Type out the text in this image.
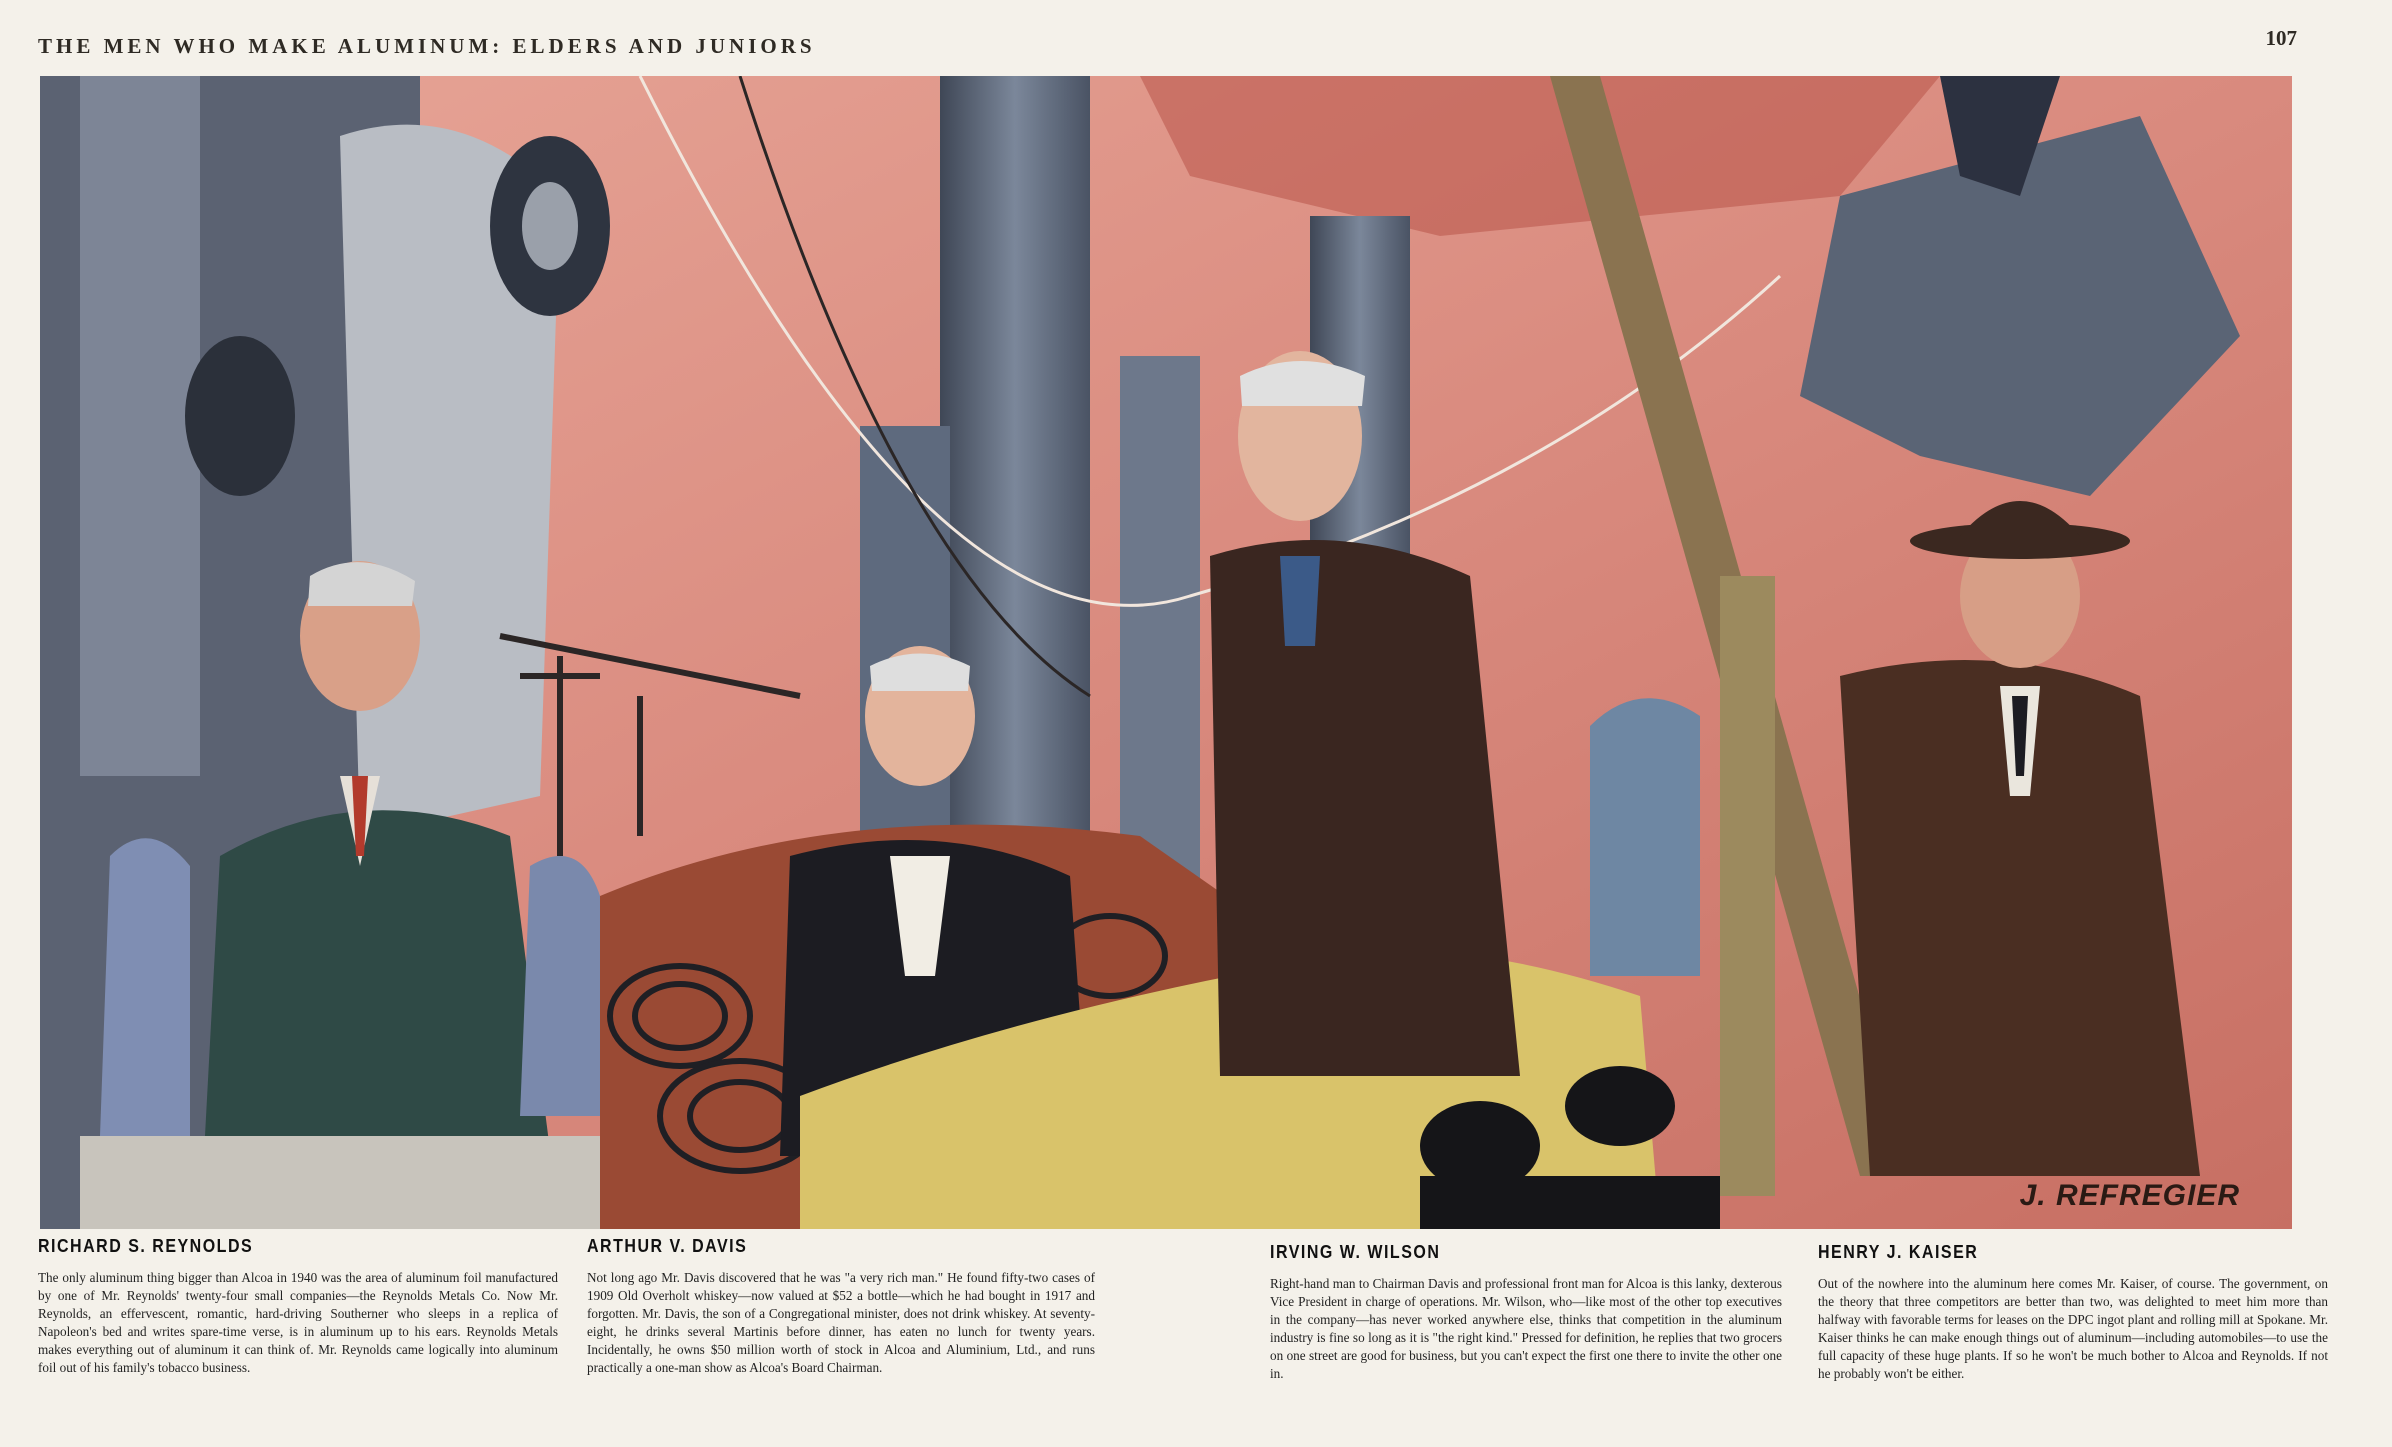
THE MEN WHO MAKE ALUMINUM: ELDERS AND JUNIORS	107
J. REFREGIER

RICHARD S. REYNOLDS

The only aluminum thing bigger than Alcoa in 1940 was the area of aluminum foil manufactured by one of Mr. Reynolds' twenty-four small companies—the Reynolds Metals Co. Now Mr. Reynolds, an effervescent, romantic, hard-driving Southerner who sleeps in a replica of Napoleon's bed and writes spare-time verse, is in aluminum up to his ears. Reynolds Metals makes everything out of aluminum it can think of. Mr. Reynolds came logically into aluminum foil out of his family's tobacco business.

ARTHUR V. DAVIS

Not long ago Mr. Davis discovered that he was "a very rich man." He found fifty-two cases of 1909 Old Overholt whiskey—now valued at $52 a bottle—which he had bought in 1917 and forgotten. Mr. Davis, the son of a Congregational minister, does not drink whiskey. At seventy-eight, he drinks several Martinis before dinner, has eaten no lunch for twenty years. Incidentally, he owns $50 million worth of stock in Alcoa and Aluminium, Ltd., and runs practically a one-man show as Alcoa's Board Chairman.

IRVING W. WILSON

Right-hand man to Chairman Davis and professional front man for Alcoa is this lanky, dexterous Vice President in charge of operations. Mr. Wilson, who—like most of the other top executives in the company—has never worked anywhere else, thinks that competition in the aluminum industry is fine so long as it is "the right kind." Pressed for definition, he replies that two grocers on one street are good for business, but you can't expect the first one there to invite the other one in.

HENRY J. KAISER

Out of the nowhere into the aluminum here comes Mr. Kaiser, of course. The government, on the theory that three competitors are better than two, was delighted to meet him more than halfway with favorable terms for leases on the DPC ingot plant and rolling mill at Spokane. Mr. Kaiser thinks he can make enough things out of aluminum—including automobiles—to use the full capacity of these huge plants. If so he won't be much bother to Alcoa and Reynolds. If not he probably won't be either.
